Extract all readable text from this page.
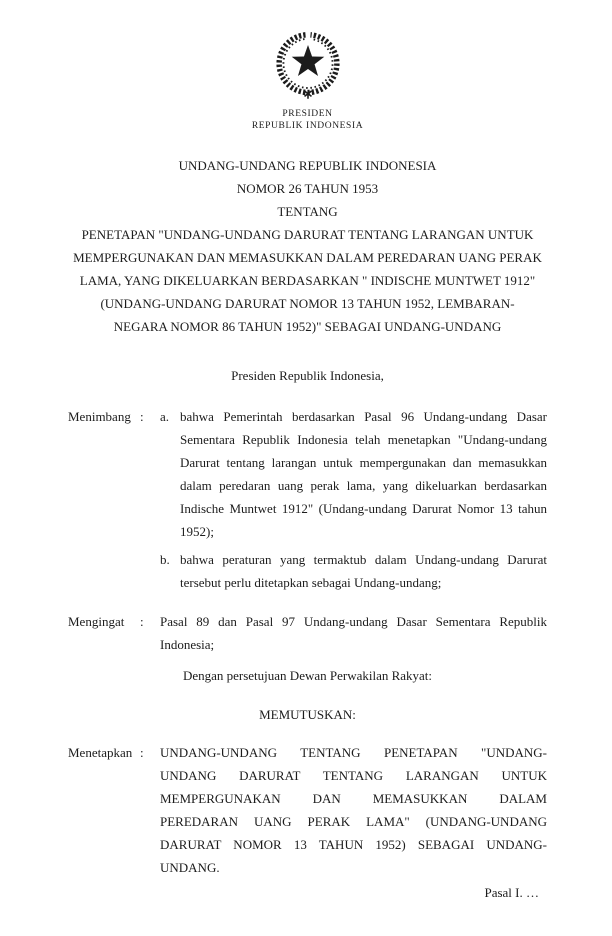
PRESIDEN
REPUBLIK INDONESIA
UNDANG-UNDANG REPUBLIK INDONESIA
NOMOR 26 TAHUN 1953
TENTANG
PENETAPAN "UNDANG-UNDANG DARURAT TENTANG LARANGAN UNTUK
MEMPERGUNAKAN DAN MEMASUKKAN DALAM PEREDARAN UANG PERAK
LAMA, YANG DIKELUARKAN BERDASARKAN " INDISCHE MUNTWET 1912"
(UNDANG-UNDANG DARURAT NOMOR 13 TAHUN 1952, LEMBARAN-
NEGARA NOMOR 86 TAHUN 1952)" SEBAGAI UNDANG-UNDANG
Presiden Republik Indonesia,
Menimbang :	a. bahwa Pemerintah berdasarkan Pasal 96 Undang-undang Dasar Sementara Republik Indonesia telah menetapkan "Undang-undang Darurat tentang larangan untuk mempergunakan dan memasukkan dalam peredaran uang perak lama, yang dikeluarkan berdasarkan Indische Muntwet 1912" (Undang-undang Darurat Nomor 13 tahun 1952);
b. bahwa peraturan yang termaktub dalam Undang-undang Darurat tersebut perlu ditetapkan sebagai Undang-undang;
Mengingat	:	Pasal 89 dan Pasal 97 Undang-undang Dasar Sementara Republik Indonesia;
Dengan persetujuan Dewan Perwakilan Rakyat:
MEMUTUSKAN:
Menetapkan :	UNDANG-UNDANG TENTANG PENETAPAN "UNDANG-UNDANG DARURAT TENTANG LARANGAN UNTUK MEMPERGUNAKAN DAN MEMASUKKAN DALAM PEREDARAN UANG PERAK LAMA" (UNDANG-UNDANG DARURAT NOMOR 13 TAHUN 1952) SEBAGAI UNDANG-UNDANG.
Pasal I. …
